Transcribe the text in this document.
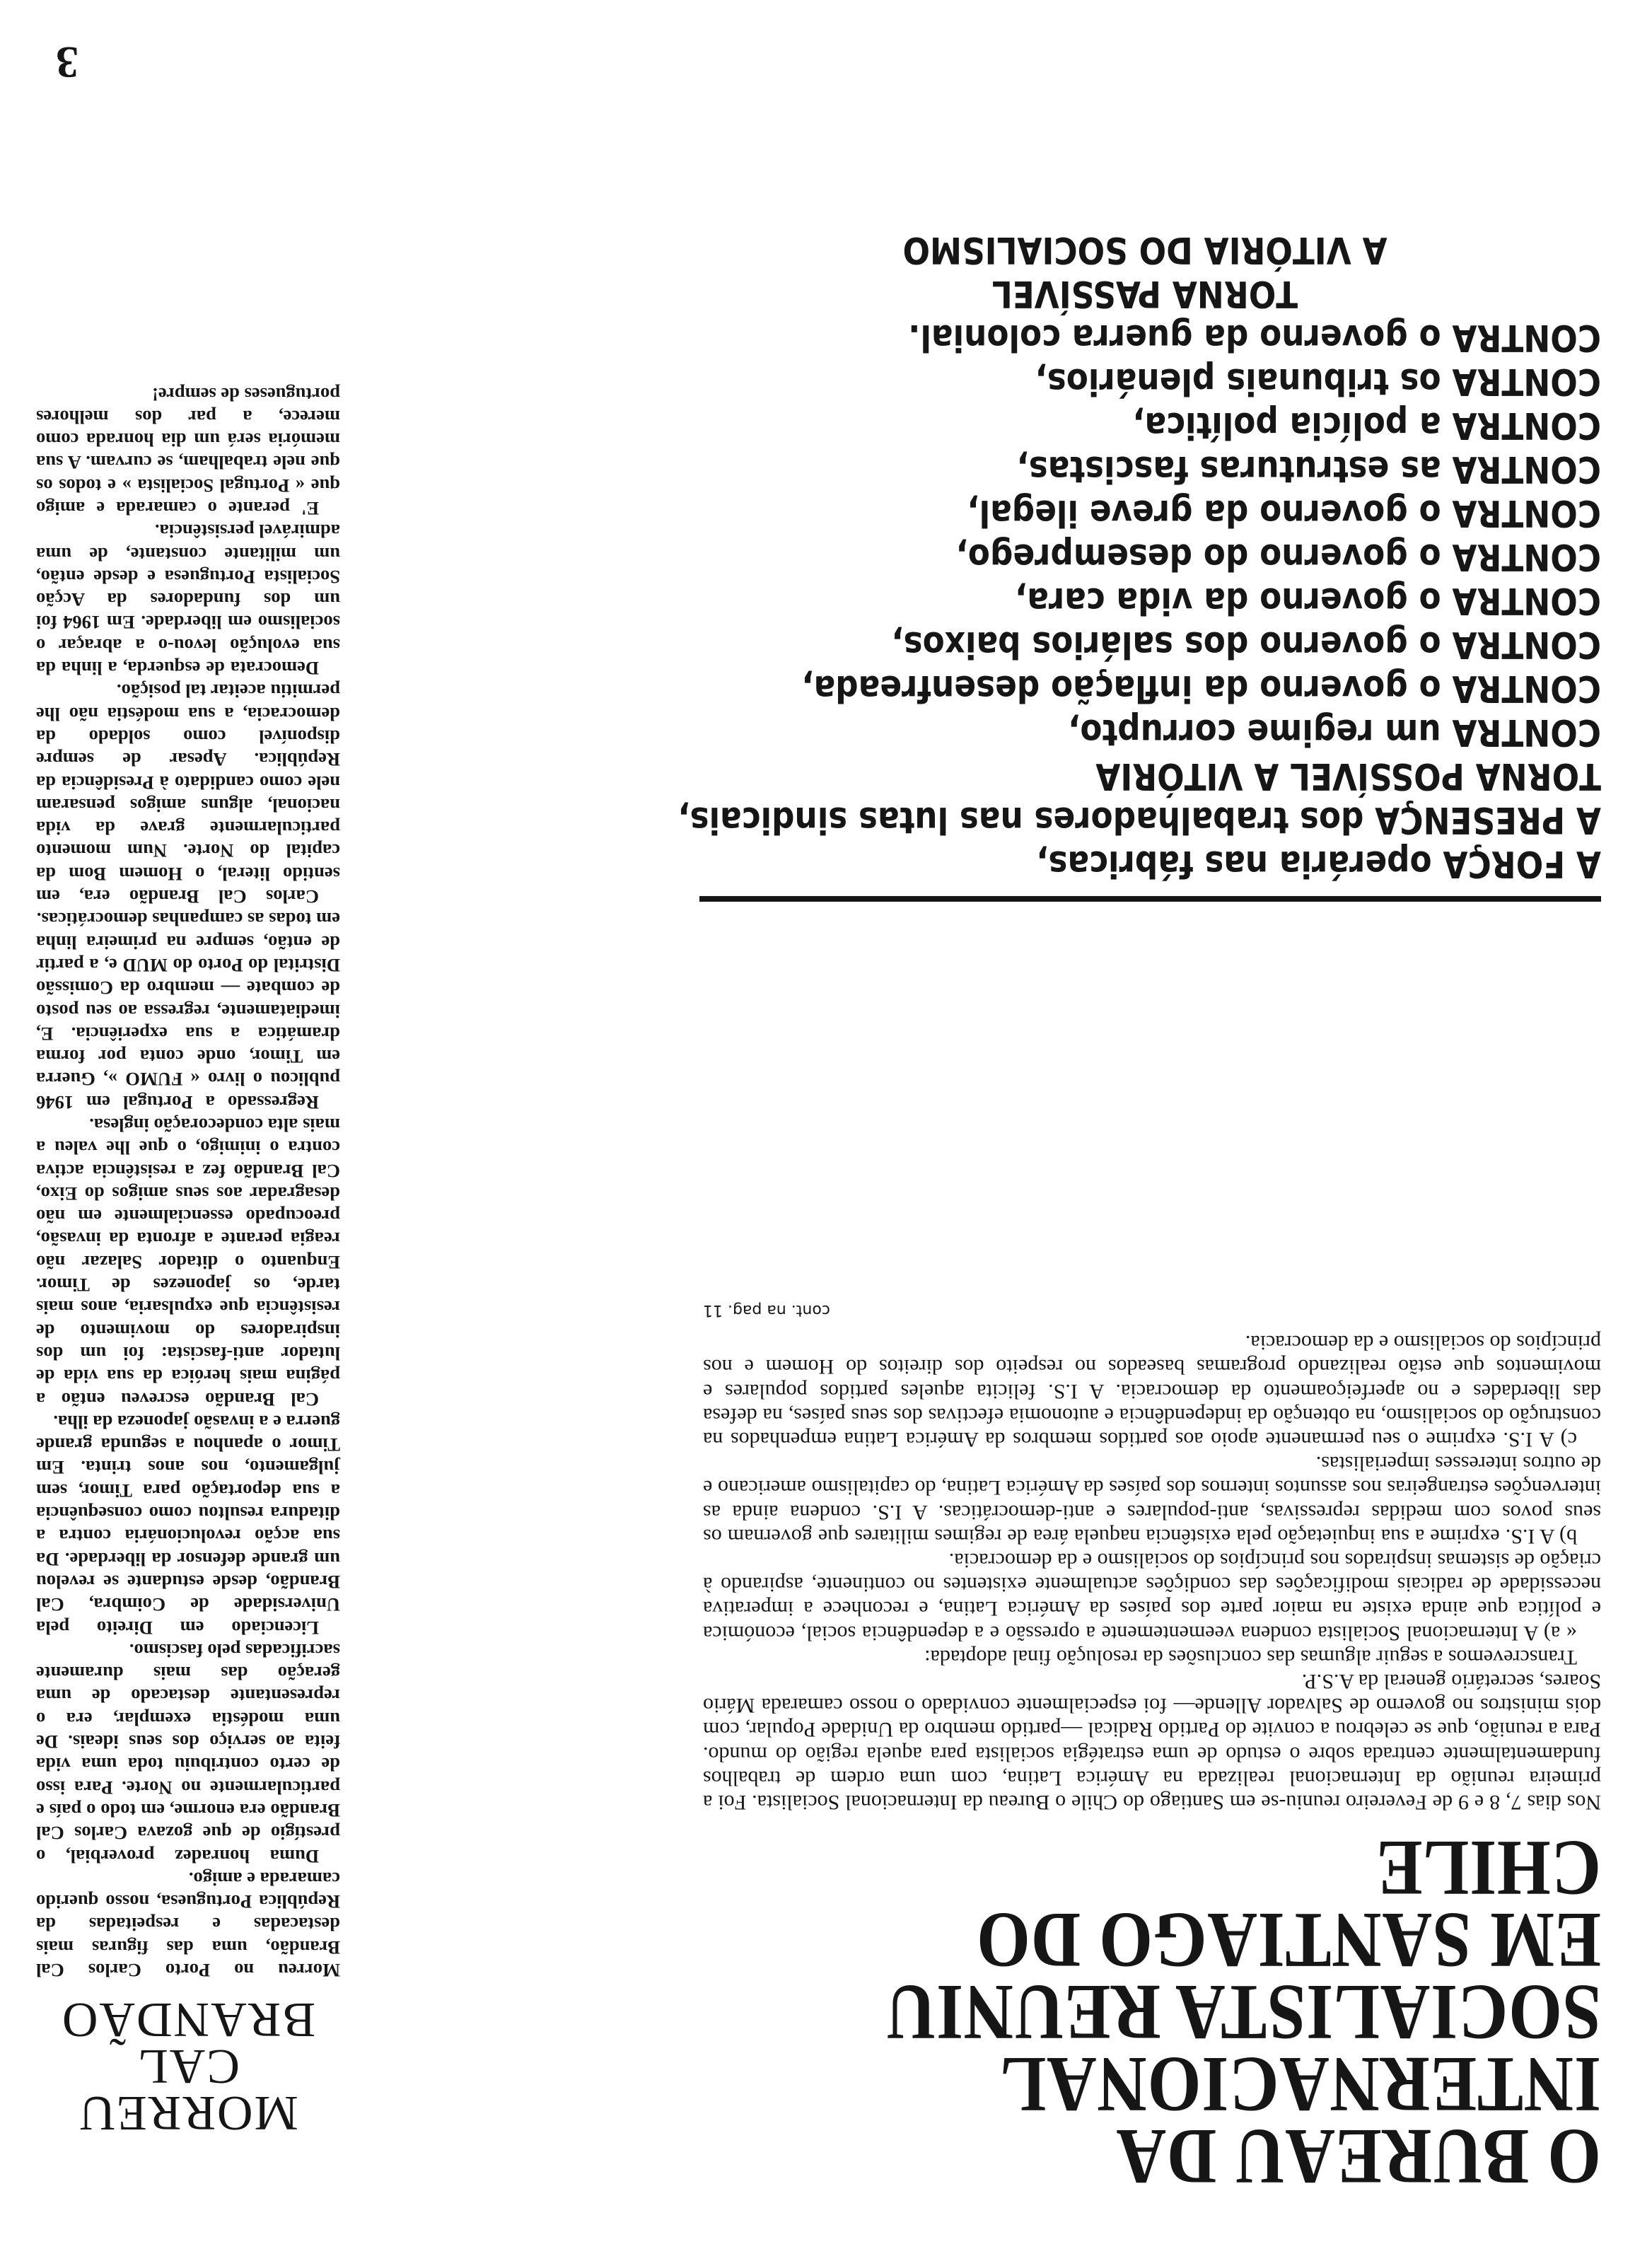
MORREU
CAL BRANDÃO

Morreu no Porto Carlos Cal Brandão, uma das figuras mais destacadas e respeitadas da República Portuguesa, nosso querido camarada e amigo.

Duma honradez proverbial, o prestígio de que gozava Carlos Cal Brandão era enorme, em todo o país e particularmente no Norte. Para isso de certo contribuiu toda uma vida feita ao serviço dos seus ideais. De uma modéstia exemplar, era o representante destacado de uma geração das mais duramente sacrificadas pelo fascismo.

Licenciado em Direito pela Universidade de Coimbra, Cal Brandão, desde estudante se revelou um grande defensor da liberdade. Da sua acção revolucionária contra a ditadura resultou como consequência a sua deportação para Timor, sem julgamento, nos anos trinta. Em Timor o apanhou a segunda grande guerra e a invasão japoneza da ilha.

Cal Brandão escreveu então a página mais heróica da sua vida de lutador anti-fascista: foi um dos inspiradores do movimento de resistência que expulsaria, anos mais tarde, os japonezes de Timor. Enquanto o ditador Salazar não reagia perante a afronta da invasão, preocupado essencialmente em não desagradar aos seus amigos do Eixo, Cal Brandão fez a resistência activa contra o inimigo, o que lhe valeu a mais alta condecoração inglesa.

Regressado a Portugal em 1946 publicou o livro « FUMO », Guerra em Timor, onde conta por forma dramática a sua experiência. E, imediatamente, regressa ao seu posto de combate — membro da Comissão Distrital do Porto do MUD e, a partir de então, sempre na primeira linha em todas as campanhas democráticas.

Carlos Cal Brandão era, em sentido literal, o Homem Bom da capital do Norte. Num momento particularmente grave da vida nacional, alguns amigos pensaram nele como candidato à Presidência da República. Apesar de sempre disponível como soldado da democracia, a sua modéstia não lhe permitiu aceitar tal posição.

Democrata de esquerda, a linha da sua evolução levou-o a abraçar o socialismo em liberdade. Em 1964 foi um dos fundadores da Acção Socialista Portuguesa e desde então, um militante constante, de uma admirável persistência.

E' perante o camarada e amigo que « Portugal Socialista » e todos os que nele trabalham, se curvam. A sua memória será um dia honrada como merece, a par dos melhores portugueses de sempre!

O BUREAU DA
INTERNACIONAL
SOCIALISTA REUNIU
EM SANTIAGO DO CHILE

Nos dias 7, 8 e 9 de Fevereiro reuniu-se em Santiago do Chile o Bureau da Internacional Socialista. Foi a primeira reunião da Internacional realizada na América Latina, com uma ordem de trabalhos fundamentalmente centrada sobre o estudo de uma estratégia socialista para aquela região do mundo. Para a reunião, que se celebrou a convite do Partido Radical —partido membro da Unidade Popular, com dois ministros no governo de Salvador Allende— foi especialmente convidado o nosso camarada Mário Soares, secretário general da A.S.P.

Transcrevemos a seguir algumas das conclusões da resolução final adoptada:

« a) A Internacional Socialista condena veementemente a opressão e a dependência social, económica e política que ainda existe na maior parte dos países da América Latina, e reconhece a imperativa necessidade de radicais modificações das condições actualmente existentes no continente, aspirando à criação de sistemas inspirados nos princípios do socialismo e da democracia.

b) A I.S. exprime a sua inquietação pela existência naquela área de regimes militares que governam os seus povos com medidas repressivas, anti-populares e anti-democráticas. A I.S. condena ainda as intervenções estrangeiras nos assuntos internos dos países da América Latina, do capitalismo americano e de outros interesses imperialistas.

c) A I.S. exprime o seu permanente apoio aos partidos membros da América Latina empenhados na construção do socialismo, na obtenção da independência e autonomia efectivas dos seus países, na defesa das liberdades e no aperfeiçoamento da democracia. A I.S. felicita aqueles partidos populares e movimentos que estão realizando programas baseados no respeito dos direitos do Homem e nos princípios do socialismo e da democracia.

cont. na pag. 11
A FORÇA operária nas fábricas,
A PRESENÇA dos trabalhadores nas lutas sindicais,
TORNA POSSÍVEL A VITÓRIA
CONTRA um regime corrupto,
CONTRA o governo da inflação desenfreada,
CONTRA o governo dos salários baixos,
CONTRA o governo da vida cara,
CONTRA o governo do desemprego,
CONTRA o governo da greve ilegal,
CONTRA as estruturas fascistas,
CONTRA a polícia política,
CONTRA os tribunais plenários,
CONTRA o governo da guerra colonial.
TORNA PASSÍVEL
A VITÓRIA DO SOCIALISMO
3
